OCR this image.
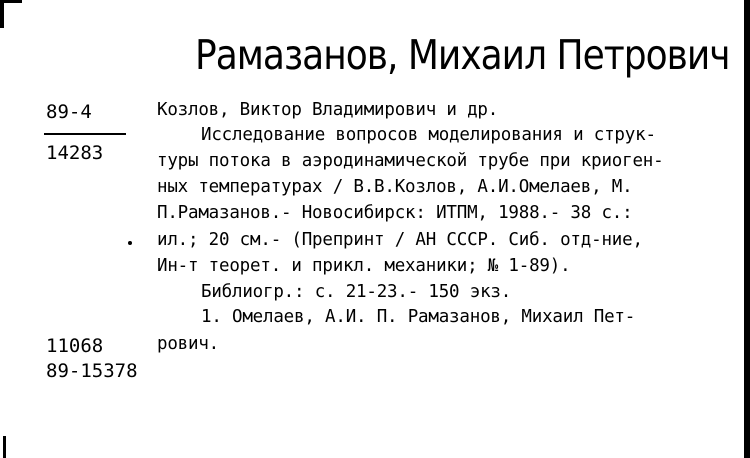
Рамазанов, Михаил Петрович
89-4
14283
Козлов, Виктор Владимирович и др.
Исследование вопросов моделирования и струк-
туры потока в аэродинамической трубе при криоген-
ных температурах / В.В.Козлов, А.И.Омелаев, М.
П.Рамазанов.- Новосибирск: ИТПМ, 1988.- 38 с.:
ил.; 20 см.- (Препринт / АН СССР. Сиб. отд-ние,
Ин-т теорет. и прикл. механики; № 1-89).
Библиогр.: с. 21-23.- 150 экз.
1. Омелаев, А.И. П. Рамазанов, Михаил Пет-
рович.
11068
89-15378
